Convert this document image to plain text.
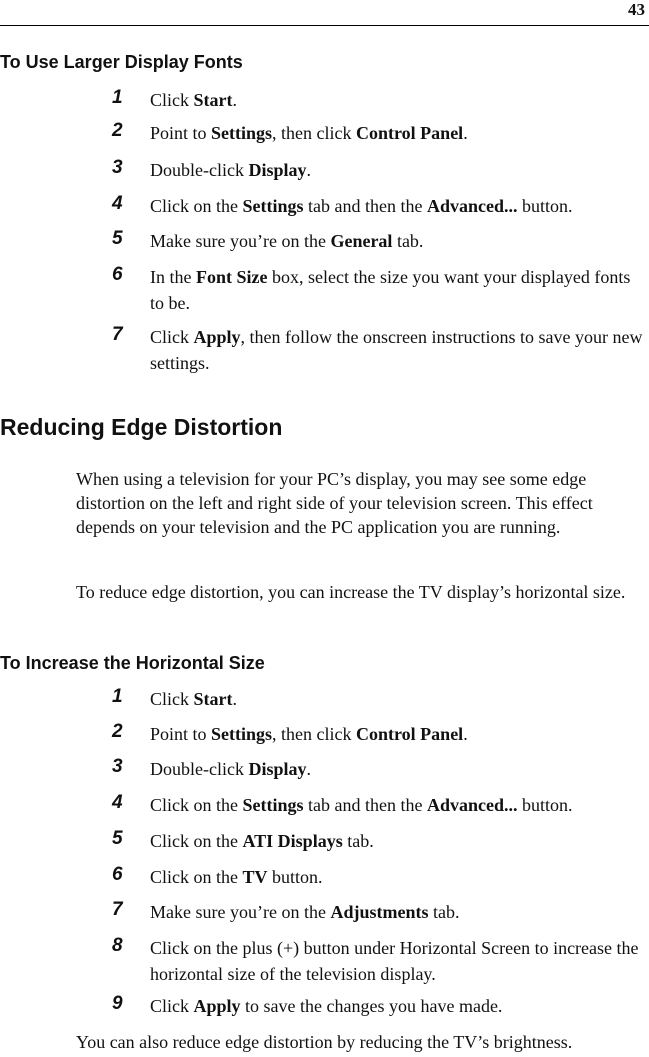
43
To Use Larger Display Fonts
1 Click Start.
2 Point to Settings, then click Control Panel.
3 Double-click Display.
4 Click on the Settings tab and then the Advanced... button.
5 Make sure you’re on the General tab.
6 In the Font Size box, select the size you want your displayed fonts to be.
7 Click Apply, then follow the onscreen instructions to save your new settings.
Reducing Edge Distortion
When using a television for your PC’s display, you may see some edge distortion on the left and right side of your television screen. This effect depends on your television and the PC application you are running.
To reduce edge distortion, you can increase the TV display’s horizontal size.
To Increase the Horizontal Size
1 Click Start.
2 Point to Settings, then click Control Panel.
3 Double-click Display.
4 Click on the Settings tab and then the Advanced... button.
5 Click on the ATI Displays tab.
6 Click on the TV button.
7 Make sure you’re on the Adjustments tab.
8 Click on the plus (+) button under Horizontal Screen to increase the horizontal size of the television display.
9 Click Apply to save the changes you have made.
You can also reduce edge distortion by reducing the TV’s brightness.
